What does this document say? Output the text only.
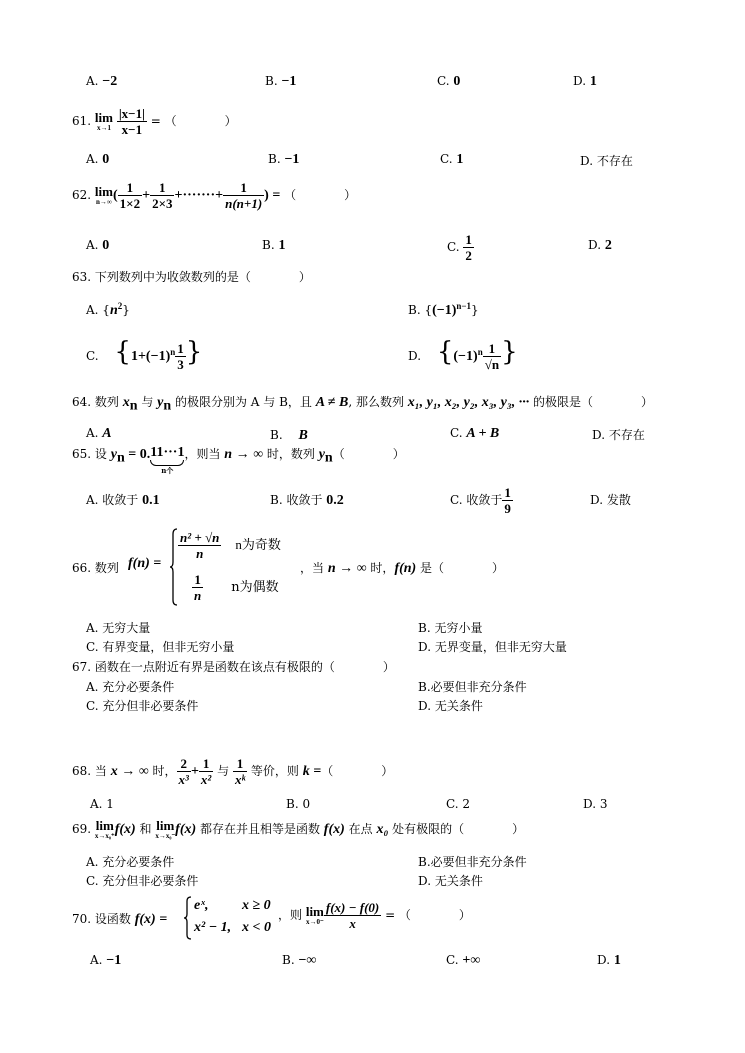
A. −2	B. −1	C. 0	D. 1
61. lim
x→1
$\frac{|x-1|}{x-1}$ = （　　　　）
A. 0	B. −1	C. 1	D. 不存在
62. lim
n→∞ ( $\frac{1}{1\times 2} + \frac{1}{2\times 3}$ +·······+ $\frac{1}{n(n+1)}$ ) = （　　　　）
A. 0	B. 1	C. $\frac{1}{2}$	D. 2
63. 下列数列中为收敛数列的是（　　　　）
A. $\{n^2\}$	B. $\{(-1)^{n-1}\}$
C. 　{$1+(-1)^n \frac{1}{3}$ }	D. 　{$(-1)^n \frac{1}{√n}$ }
64. 数列 $x_n$ 与 $y_n$ 的极限分别为 A 与 B，且 A ≠ B, 那么数列 x₁, y₁, x₂, y₂, x₃, y₃, ··· 的极限是（　　　　）
A. A	B. 　B	C. A + B	D. 不存在
65. 设 $y_n = 0.11\cdot\cdot\cdot 1$
n个
，则当 n → ∞ 时，数列 $y_n$（　　　　）
A. 收敛于 0.1	B. 收敛于 0.2	C. 收敛于 $\frac{1}{9}$	D. 发散
66. 数列 f(n) =
$\frac{\text{n² + √n}}{n}$ n为奇数
$\frac{1}{n}$ n为偶数
，当 n → ∞ 时，f(n) 是（　　　　）
A. 无穷大量	B. 无穷小量
C. 有界变量，但非无穷小量	D. 无界变量，但非无穷大量
67. 函数在一点附近有界是函数在该点有极限的（　　　　）
A. 充分必要条件	B.必要但非充分条件
C. 充分但非必要条件	D. 无关条件
68. 当 x → ∞ 时， $\frac{2}{\text{x³}} + \frac{1}{\text{x²}}$ 与 $\frac{1}{\text{xᵏ}}$ 等价，则 k =（　　　　）
A. 1	B. 0	C. 2	D. 3
69. lim
x→x₀⁺ f(x) 和 lim
x→x₀⁻ f(x) 都存在并且相等是函数 f(x) 在点 x₀ 处有极限的（　　　　）
A. 充分必要条件	B.必要但非充分条件
C. 充分但非必要条件	D. 无关条件
70. 设函数 f(x) =
eˣ, x ≥ 0
x² − 1, x < 0
，则 lim
$x\to 0^- \frac{f(x) - f(0)}{x}$ = （　　　　）
A. −1	B. −∞	C. +∞	D. 1
